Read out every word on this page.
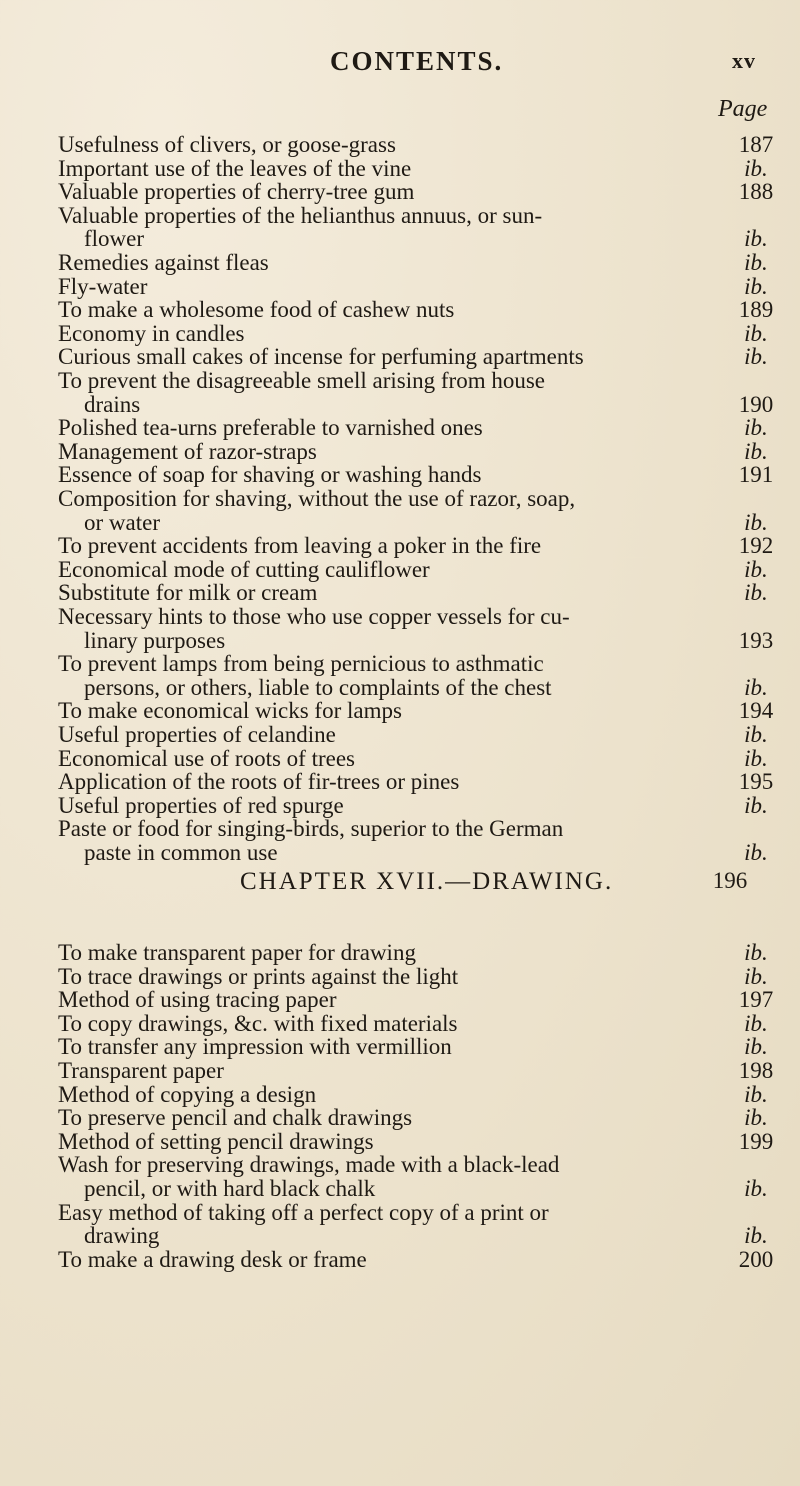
CONTENTS.	xv
Page
Usefulness of clivers, or goose-grass	187
Important use of the leaves of the vine	ib.
Valuable properties of cherry-tree gum	188
Valuable properties of the helianthus annuus, or sun-
flower	ib.
Remedies against fleas	ib.
Fly-water	ib.
To make a wholesome food of cashew nuts	189
Economy in candles	ib.
Curious small cakes of incense for perfuming apartments	ib.
To prevent the disagreeable smell arising from house
drains	190
Polished tea-urns preferable to varnished ones	ib.
Management of razor-straps	ib.
Essence of soap for shaving or washing hands	191
Composition for shaving, without the use of razor, soap,
or water	ib.
To prevent accidents from leaving a poker in the fire	192
Economical mode of cutting cauliflower	ib.
Substitute for milk or cream	ib.
Necessary hints to those who use copper vessels for cu-
linary purposes	193
To prevent lamps from being pernicious to asthmatic
persons, or others, liable to complaints of the chest	ib.
To make economical wicks for lamps	194
Useful properties of celandine	ib.
Economical use of roots of trees	ib.
Application of the roots of fir-trees or pines	195
Useful properties of red spurge	ib.
Paste or food for singing-birds, superior to the German
paste in common use	ib.
CHAPTER XVII.—DRAWING.	196
To make transparent paper for drawing	ib.
To trace drawings or prints against the light	ib.
Method of using tracing paper	197
To copy drawings, &c. with fixed materials	ib.
To transfer any impression with vermillion	ib.
Transparent paper	198
Method of copying a design	ib.
To preserve pencil and chalk drawings	ib.
Method of setting pencil drawings	199
Wash for preserving drawings, made with a black-lead
pencil, or with hard black chalk	ib.
Easy method of taking off a perfect copy of a print or
drawing	ib.
To make a drawing desk or frame	200
